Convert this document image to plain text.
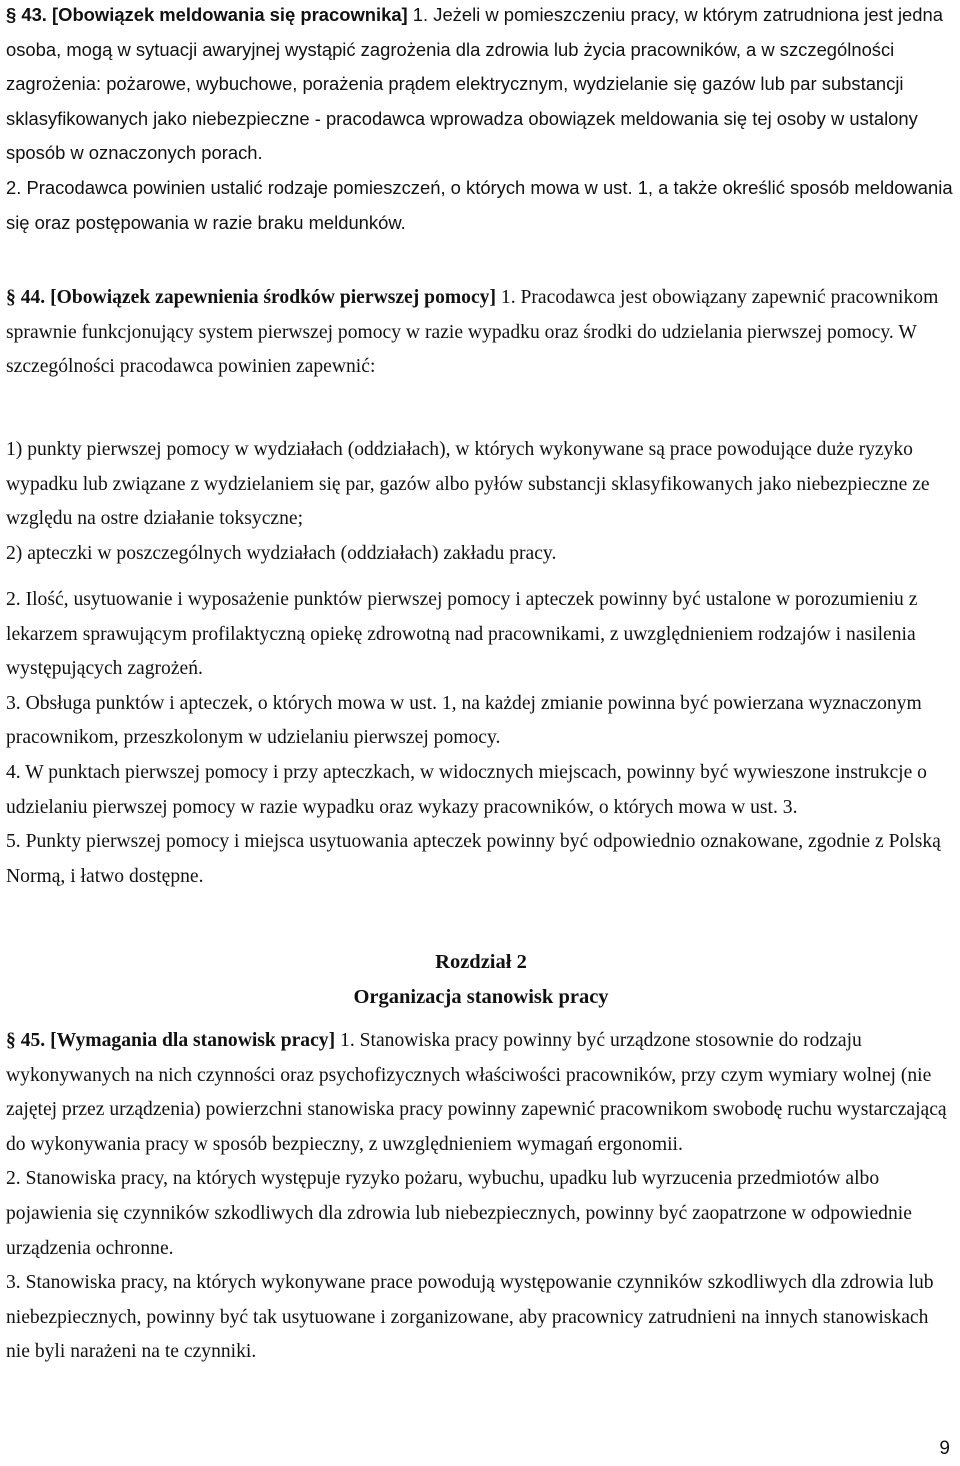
§ 43. [Obowiązek meldowania się pracownika] 1. Jeżeli w pomieszczeniu pracy, w którym zatrudniona jest jedna osoba, mogą w sytuacji awaryjnej wystąpić zagrożenia dla zdrowia lub życia pracowników, a w szczególności zagrożenia: pożarowe, wybuchowe, porażenia prądem elektrycznym, wydzielanie się gazów lub par substancji sklasyfikowanych jako niebezpieczne - pracodawca wprowadza obowiązek meldowania się tej osoby w ustalony sposób w oznaczonych porach.

2. Pracodawca powinien ustalić rodzaje pomieszczeń, o których mowa w ust. 1, a także określić sposób meldowania się oraz postępowania w razie braku meldunków.

§ 44. [Obowiązek zapewnienia środków pierwszej pomocy] 1. Pracodawca jest obowiązany zapewnić pracownikom sprawnie funkcjonujący system pierwszej pomocy w razie wypadku oraz środki do udzielania pierwszej pomocy. W szczególności pracodawca powinien zapewnić:

1) punkty pierwszej pomocy w wydziałach (oddziałach), w których wykonywane są prace powodujące duże ryzyko wypadku lub związane z wydzielaniem się par, gazów albo pyłów substancji sklasyfikowanych jako niebezpieczne ze względu na ostre działanie toksyczne;

2) apteczki w poszczególnych wydziałach (oddziałach) zakładu pracy.

2. Ilość, usytuowanie i wyposażenie punktów pierwszej pomocy i apteczek powinny być ustalone w porozumieniu z lekarzem sprawującym profilaktyczną opiekę zdrowotną nad pracownikami, z uwzględnieniem rodzajów i nasilenia występujących zagrożeń.

3. Obsługa punktów i apteczek, o których mowa w ust. 1, na każdej zmianie powinna być powierzana wyznaczonym pracownikom, przeszkolonym w udzielaniu pierwszej pomocy.

4. W punktach pierwszej pomocy i przy apteczkach, w widocznych miejscach, powinny być wywieszone instrukcje o udzielaniu pierwszej pomocy w razie wypadku oraz wykazy pracowników, o których mowa w ust. 3.

5. Punkty pierwszej pomocy i miejsca usytuowania apteczek powinny być odpowiednio oznakowane, zgodnie z Polską Normą, i łatwo dostępne.

Rozdział 2
Organizacja stanowisk pracy

§ 45. [Wymagania dla stanowisk pracy] 1. Stanowiska pracy powinny być urządzone stosownie do rodzaju wykonywanych na nich czynności oraz psychofizycznych właściwości pracowników, przy czym wymiary wolnej (nie zajętej przez urządzenia) powierzchni stanowiska pracy powinny zapewnić pracownikom swobodę ruchu wystarczającą do wykonywania pracy w sposób bezpieczny, z uwzględnieniem wymagań ergonomii.

2. Stanowiska pracy, na których występuje ryzyko pożaru, wybuchu, upadku lub wyrzucenia przedmiotów albo pojawienia się czynników szkodliwych dla zdrowia lub niebezpiecznych, powinny być zaopatrzone w odpowiednie urządzenia ochronne.

3. Stanowiska pracy, na których wykonywane prace powodują występowanie czynników szkodliwych dla zdrowia lub niebezpiecznych, powinny być tak usytuowane i zorganizowane, aby pracownicy zatrudnieni na innych stanowiskach nie byli narażeni na te czynniki.

9
